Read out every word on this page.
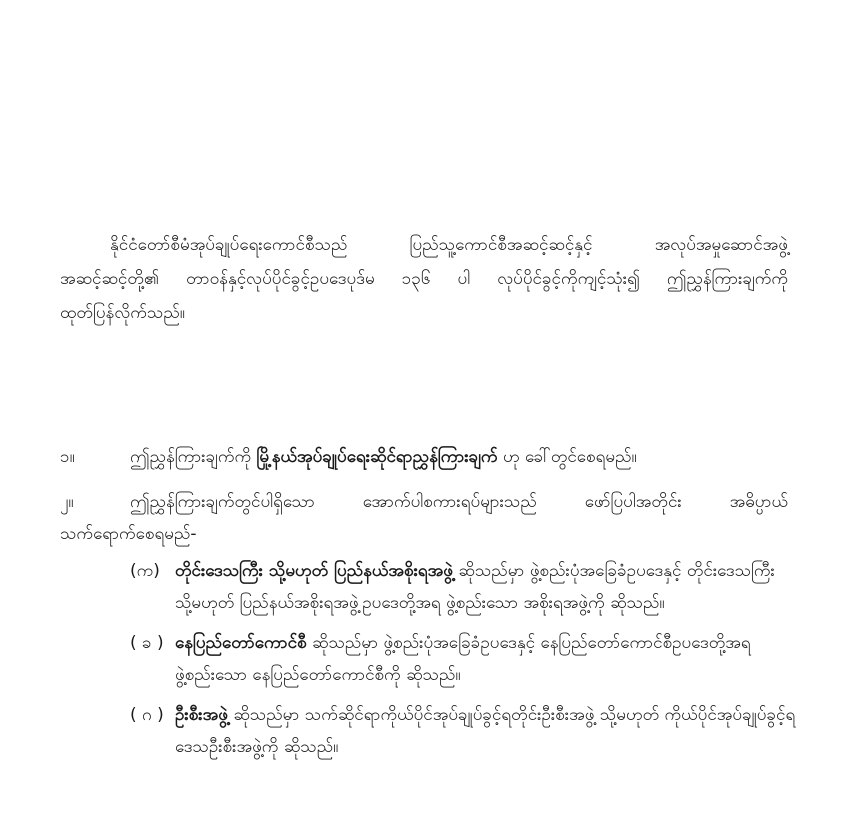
နိုင်ငံတော်စီမံအုပ်ချုပ်ရေးကောင်စီသည် ပြည်သူ့ကောင်စီအဆင့်ဆင့်နှင့် အလုပ်အမှုဆောင်အဖွဲ့
အဆင့်ဆင့်တို့၏ တာဝန်နှင့်လုပ်ပိုင်ခွင့်ဥပဒေပုဒ်မ ၁၃၆ ပါ လုပ်ပိုင်ခွင့်ကိုကျင့်သုံး၍ ဤညွှန်ကြားချက်ကို
ထုတ်ပြန်လိုက်သည်။
၁။	ဤညွှန်ကြားချက်ကို မြို့နယ်အုပ်ချုပ်ရေးဆိုင်ရာညွှန်ကြားချက် ဟု ခေါ်တွင်စေရမည်။
၂။	ဤညွှန်ကြားချက်တွင်ပါရှိသော အောက်ပါစကားရပ်များသည် ဖော်ပြပါအတိုင်း အဓိပ္ပာယ်
သက်ရောက်စေရမည်-
(က) တိုင်းဒေသကြီး သို့မဟုတ် ပြည်နယ်အစိုးရအဖွဲ့ ဆိုသည်မှာ ဖွဲ့စည်းပုံအခြေခံဥပဒေနှင့် တိုင်းဒေသကြီး
သို့မဟုတ် ပြည်နယ်အစိုးရအဖွဲ့ဥပဒေတို့အရ ဖွဲ့စည်းသော အစိုးရအဖွဲ့ကို ဆိုသည်။
( ခ ) နေပြည်တော်ကောင်စီ ဆိုသည်မှာ ဖွဲ့စည်းပုံအခြေခံဥပဒေနှင့် နေပြည်တော်ကောင်စီဥပဒေတို့အရ
ဖွဲ့စည်းသော နေပြည်တော်ကောင်စီကို ဆိုသည်။
( ဂ ) ဦးစီးအဖွဲ့ ဆိုသည်မှာ သက်ဆိုင်ရာကိုယ်ပိုင်အုပ်ချုပ်ခွင့်ရတိုင်းဦးစီးအဖွဲ့ သို့မဟုတ် ကိုယ်ပိုင်အုပ်ချုပ်ခွင့်ရ
ဒေသဦးစီးအဖွဲ့ကို ဆိုသည်။
